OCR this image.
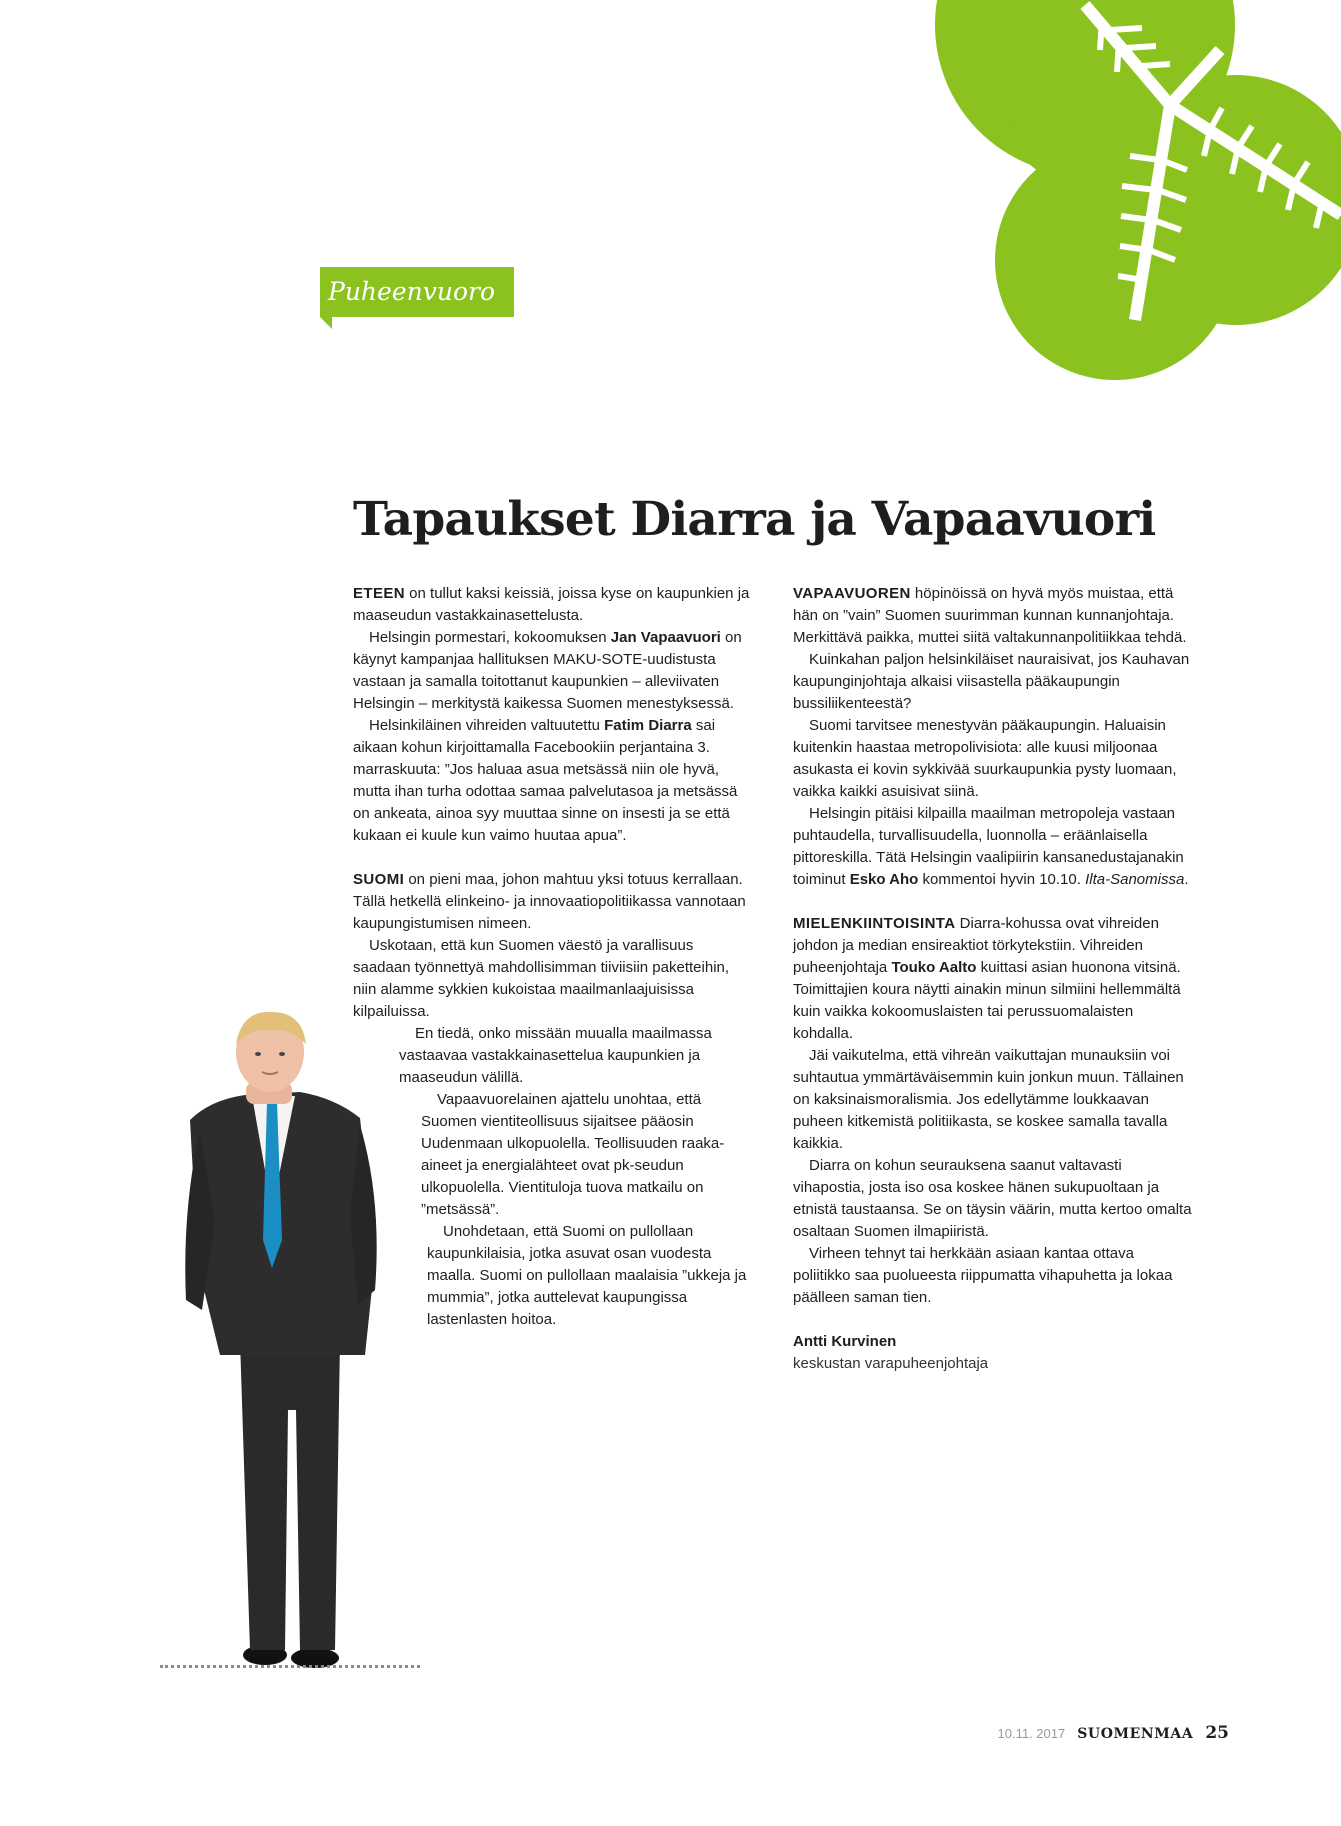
Puheenvuoro
Tapaukset Diarra ja Vapaavuori

ETEEN on tullut kaksi keissiä, joissa kyse on kaupunkien ja maaseudun vastakkainasettelusta.

Helsingin pormestari, kokoomuksen Jan Vapaavuori on käynyt kampanjaa hallituksen MAKU-SOTE-uudistusta vastaan ja samalla toitottanut kaupunkien – alleviivaten Helsingin – merkitystä kaikessa Suomen menestyksessä.

Helsinkiläinen vihreiden valtuutettu Fatim Diarra sai aikaan kohun kirjoittamalla Facebookiin perjantaina 3. marraskuuta: ”Jos haluaa asua metsässä niin ole hyvä, mutta ihan turha odottaa samaa palvelutasoa ja metsässä on ankeata, ainoa syy muuttaa sinne on insesti ja se että kukaan ei kuule kun vaimo huutaa apua”.

SUOMI on pieni maa, johon mahtuu yksi totuus kerrallaan. Tällä hetkellä elinkeino- ja innovaatiopolitiikassa vannotaan kaupungistumisen nimeen.

Uskotaan, että kun Suomen väestö ja varallisuus saadaan työnnettyä mahdollisimman tiiviisiin paketteihin, niin alamme sykkien kukoistaa maailmanlaajuisissa kilpailuissa.

En tiedä, onko missään muualla maailmassa vastaavaa vastakkainasettelua kaupunkien ja maaseudun välillä.

Vapaavuorelainen ajattelu unohtaa, että Suomen vientiteollisuus sijaitsee pääosin Uudenmaan ulkopuolella. Teollisuuden raaka-aineet ja energialähteet ovat pk-seudun ulkopuolella. Vientituloja tuova matkailu on ”metsässä”.

Unohdetaan, että Suomi on pullollaan kaupunkilaisia, jotka asuvat osan vuodesta maalla. Suomi on pullollaan maalaisia ”ukkeja ja mummia”, jotka auttelevat kaupungissa lastenlasten hoitoa.

VAPAAVUOREN höpinöissä on hyvä myös muistaa, että hän on ”vain” Suomen suurimman kunnan kunnanjohtaja. Merkittävä paikka, muttei siitä valtakunnanpolitiikkaa tehdä.

Kuinkahan paljon helsinkiläiset nauraisivat, jos Kauhavan kaupunginjohtaja alkaisi viisastella pääkaupungin bussiliikenteestä?

Suomi tarvitsee menestyvän pääkaupungin. Haluaisin kuitenkin haastaa metropolivisiota: alle kuusi miljoonaa asukasta ei kovin sykkivää suurkaupunkia pysty luomaan, vaikka kaikki asuisivat siinä.

Helsingin pitäisi kilpailla maailman metropoleja vastaan puhtaudella, turvallisuudella, luonnolla – eräänlaisella pittoreskilla. Tätä Helsingin vaalipiirin kansanedustajanakin toiminut Esko Aho kommentoi hyvin 10.10. Ilta-Sanomissa.

MIELENKIINTOISINTA Diarra-kohussa ovat vihreiden johdon ja median ensireaktiot törkytekstiin. Vihreiden puheenjohtaja Touko Aalto kuittasi asian huonona vitsinä. Toimittajien koura näytti ainakin minun silmiini hellemmältä kuin vaikka kokoomuslaisten tai perussuomalaisten kohdalla.

Jäi vaikutelma, että vihreän vaikuttajan munauksiin voi suhtautua ymmärtäväisemmin kuin jonkun muun. Tällainen on kaksinaismoralismia. Jos edellytämme loukkaavan puheen kitkemistä politiikasta, se koskee samalla tavalla kaikkia.

Diarra on kohun seurauksena saanut valtavasti vihapostia, josta iso osa koskee hänen sukupuoltaan ja etnistä taustaansa. Se on täysin väärin, mutta kertoo omalta osaltaan Suomen ilmapiiristä.

Virheen tehnyt tai herkkään asiaan kantaa ottava poliitikko saa puolueesta riippumatta vihapuhetta ja lokaa päälleen saman tien.

Antti Kurvinen
keskustan varapuheenjohtaja

10.11. 2017 SUOMENMAA 25
